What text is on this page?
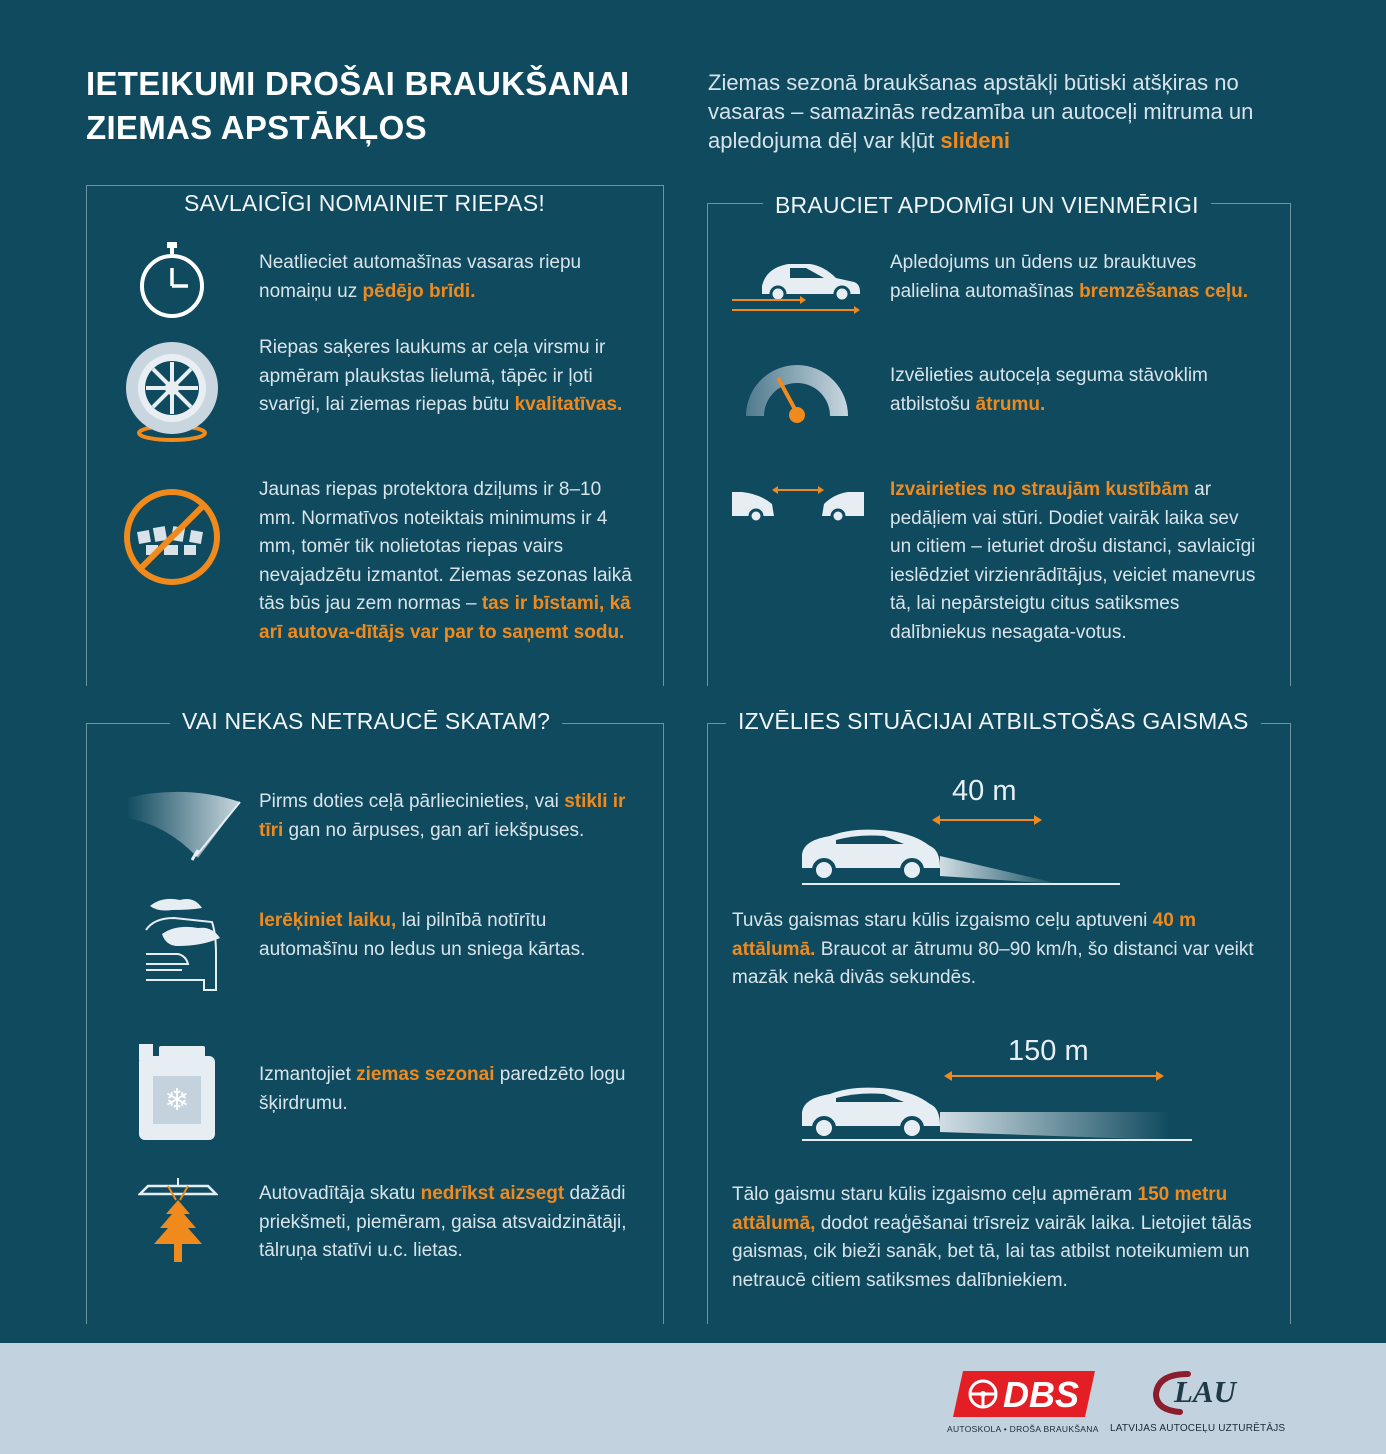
IETEIKUMI DROŠAI BRAUKŠANAI ZIEMAS APSTĀKĻOS
Ziemas sezonā braukšanas apstākļi būtiski atšķiras no vasaras – samazinās redzamība un autoceļi mitruma un apledojuma dēļ var kļūt slideni
SAVLAICĪGI NOMAINIET RIEPAS!	BRAUCIET APDOMĪGI UN VIENMĒRIGI
VAI NEKAS NETRAUCĒ SKATAM?	IZVĒLIES SITUĀCIJAI ATBILSTOŠAS GAISMAS
Neatlieciet automašīnas vasaras riepu nomaiņu uz pēdējo brīdi.
Riepas saķeres laukums ar ceļa virsmu ir apmēram plaukstas lielumā, tāpēc ir ļoti svarīgi, lai ziemas riepas būtu kvalitatīvas.
Jaunas riepas protektora dziļums ir 8–10 mm. Normatīvos noteiktais minimums ir 4 mm, tomēr tik nolietotas riepas vairs nevajadzētu izmantot. Ziemas sezonas laikā tās būs jau zem normas – tas ir bīstami, kā arī autova-dītājs var par to saņemt sodu.
Apledojums un ūdens uz brauktuves palielina automašīnas bremzēšanas ceļu.
Izvēlieties autoceļa seguma stāvoklim atbilstošu ātrumu.
Izvairieties no straujām kustībām ar pedāļiem vai stūri. Dodiet vairāk laika sev un citiem – ieturiet drošu distanci, savlaicīgi ieslēdziet virzienrādītājus, veiciet manevrus tā, lai nepārsteigtu citus satiksmes dalībniekus nesagata-votus.
Pirms doties ceļā pārliecinieties, vai stikli ir tīri gan no ārpuses, gan arī iekšpuses.
Ierēķiniet laiku, lai pilnībā notīrītu automašīnu no ledus un sniega kārtas.
❄
Izmantojiet ziemas sezonai paredzēto logu šķirdrumu.
Autovadītāja skatu nedrīkst aizsegt dažādi priekšmeti, piemēram, gaisa atsvaidzinātāji, tālruņa statīvi u.c. lietas.
40 m
Tuvās gaismas staru kūlis izgaismo ceļu aptuveni 40 m attālumā. Braucot ar ātrumu 80–90 km/h, šo distanci var veikt mazāk nekā divās sekundēs.
150 m
Tālo gaismu staru kūlis izgaismo ceļu apmēram 150 metru attālumā, dodot reaģēšanai trīsreiz vairāk laika. Lietojiet tālās gaismas, cik bieži sanāk, bet tā, lai tas atbilst noteikumiem un netraucē citiem satiksmes dalībniekiem.
DBS
AUTOSKOLA • DROŠA BRAUKŠANA
LAU
LATVIJAS AUTOCEĻU UZTURĒTĀJS
